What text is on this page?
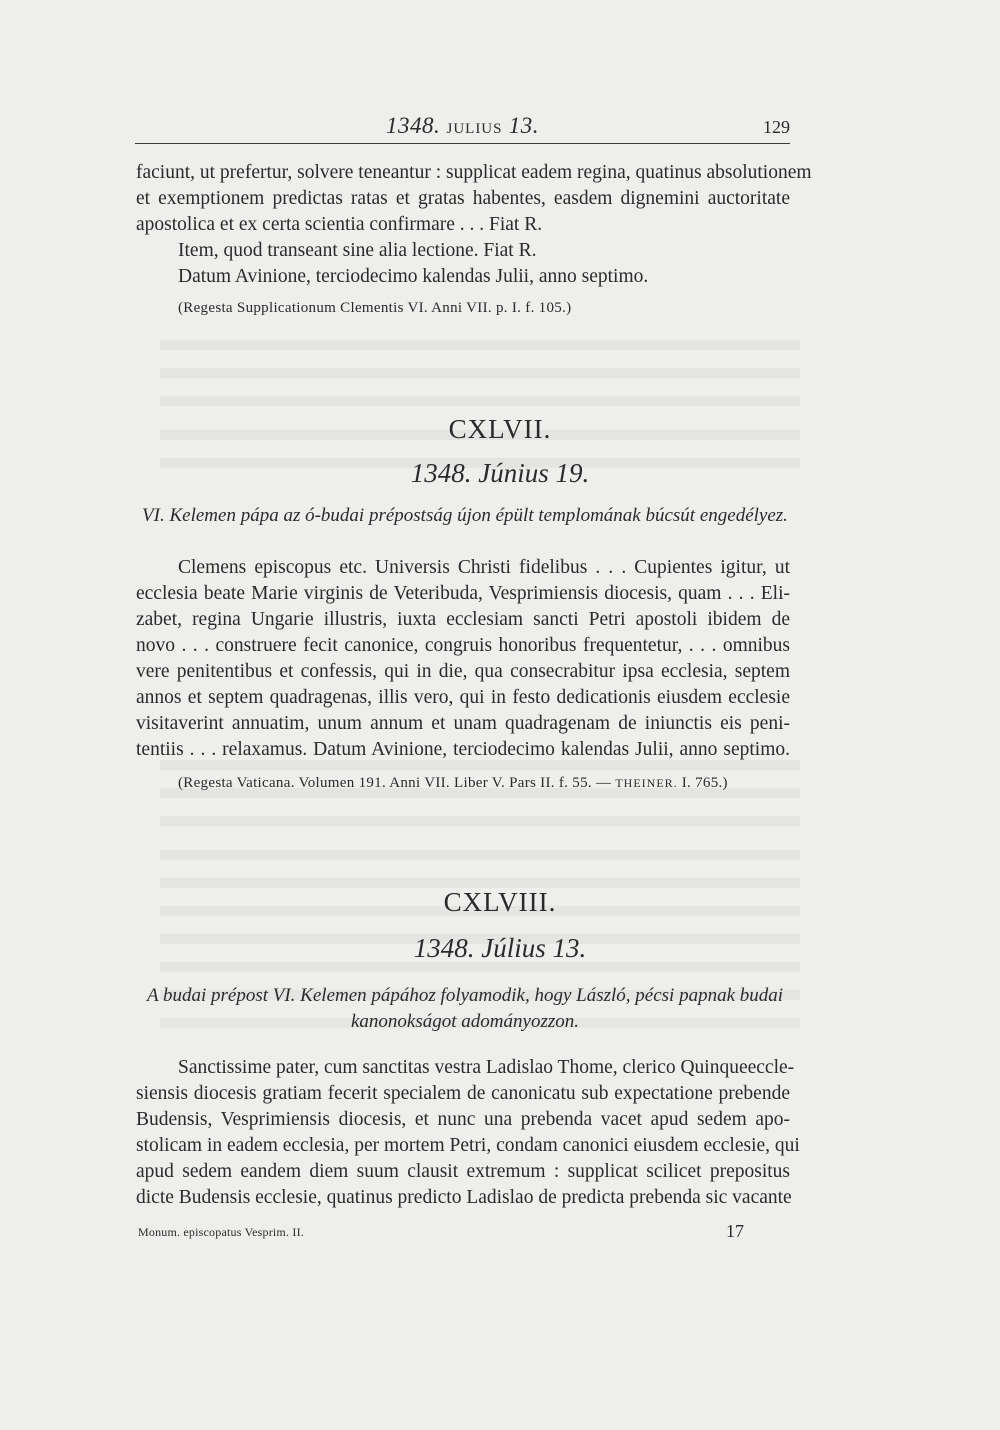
1348. JULIUS 13.	129
faciunt, ut prefertur, solvere teneantur : supplicat eadem regina, quatinus absolutionem
et exemptionem predictas ratas et gratas habentes, easdem dignemini auctoritate
apostolica et ex certa scientia confirmare . . . Fiat R.
Item, quod transeant sine alia lectione. Fiat R.
Datum Avinione, terciodecimo kalendas Julii, anno septimo.
(Regesta Supplicationum Clementis VI. Anni VII. p. I. f. 105.)
CXLVII.
1348. Június 19.
VI. Kelemen pápa az ó-budai prépostság újon épült templomának búcsút engedélyez.
Clemens episcopus etc. Universis Christi fidelibus . . . Cupientes igitur, ut
ecclesia beate Marie virginis de Veteribuda, Vesprimiensis diocesis, quam . . . Eli-
zabet, regina Ungarie illustris, iuxta ecclesiam sancti Petri apostoli ibidem de
novo . . . construere fecit canonice, congruis honoribus frequentetur, . . . omnibus
vere penitentibus et confessis, qui in die, qua consecrabitur ipsa ecclesia, septem
annos et septem quadragenas, illis vero, qui in festo dedicationis eiusdem ecclesie
visitaverint annuatim, unum annum et unam quadragenam de iniunctis eis peni-
tentiis . . . relaxamus. Datum Avinione, terciodecimo kalendas Julii, anno septimo.
(Regesta Vaticana. Volumen 191. Anni VII. Liber V. Pars II. f. 55. — THEINER. I. 765.)
CXLVIII.
1348. Július 13.
A budai prépost VI. Kelemen pápához folyamodik, hogy László, pécsi papnak budai
kanonokságot adományozzon.
Sanctissime pater, cum sanctitas vestra Ladislao Thome, clerico Quinqueeccle-
siensis diocesis gratiam fecerit specialem de canonicatu sub expectatione prebende
Budensis, Vesprimiensis diocesis, et nunc una prebenda vacet apud sedem apo-
stolicam in eadem ecclesia, per mortem Petri, condam canonici eiusdem ecclesie, qui
apud sedem eandem diem suum clausit extremum : supplicat scilicet prepositus
dicte Budensis ecclesie, quatinus predicto Ladislao de predicta prebenda sic vacante
Monum. episcopatus Vesprim. II.	17
